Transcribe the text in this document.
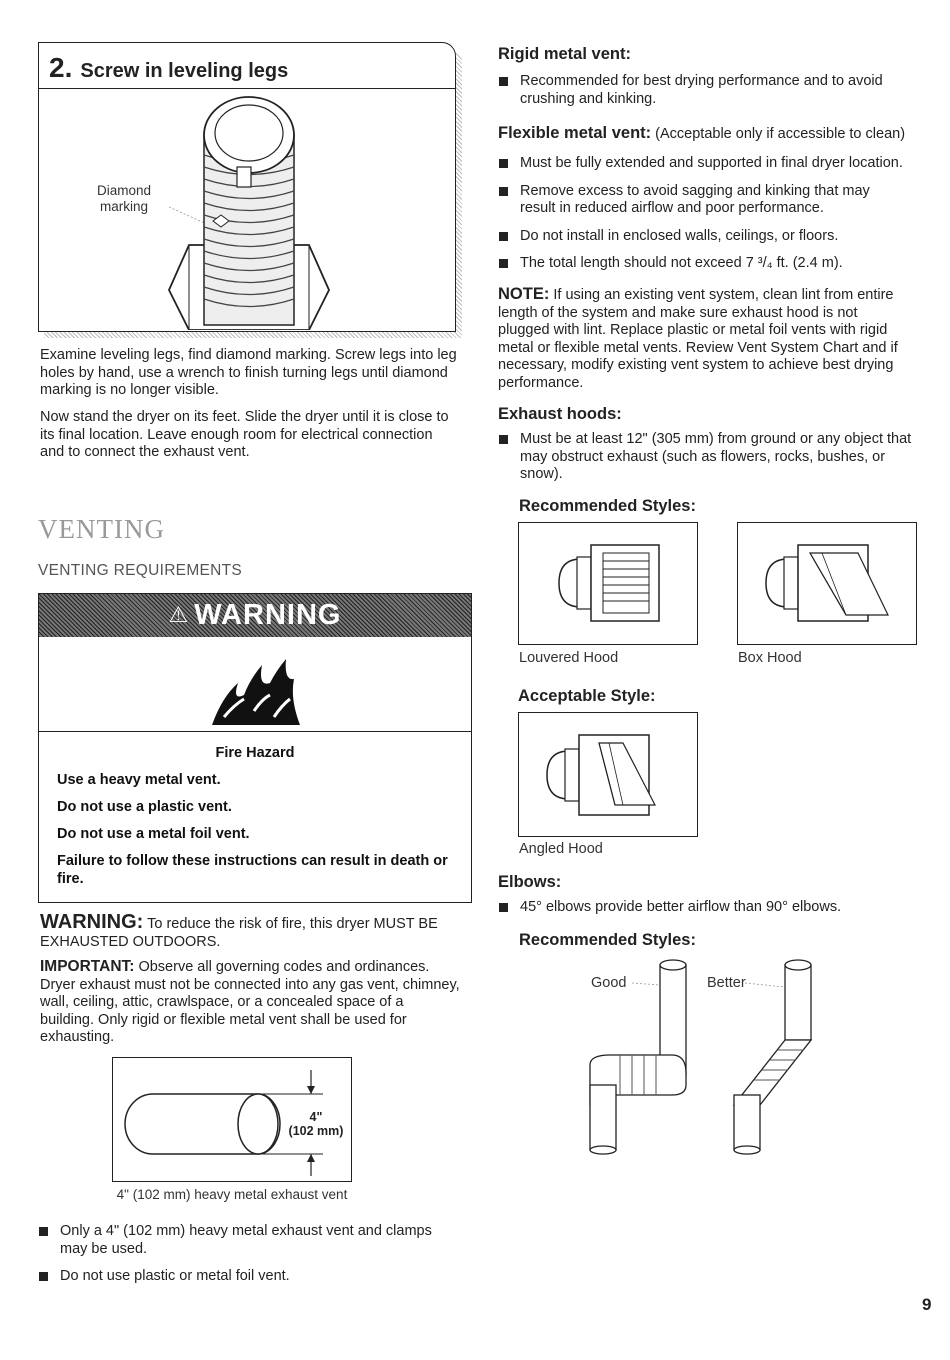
2. Screw in leveling legs
Diamond
marking
Examine leveling legs, find diamond marking. Screw legs into leg holes by hand, use a wrench to finish turning legs until diamond marking is no longer visible.
Now stand the dryer on its feet. Slide the dryer until it is close to its final location. Leave enough room for electrical connection and to connect the exhaust vent.
VENTING
VENTING REQUIREMENTS
⚠ WARNING
Fire Hazard
Use a heavy metal vent.
Do not use a plastic vent.
Do not use a metal foil vent.
Failure to follow these instructions can result in death or fire.
WARNING: To reduce the risk of fire, this dryer MUST BE EXHAUSTED OUTDOORS.
IMPORTANT: Observe all governing codes and ordinances. Dryer exhaust must not be connected into any gas vent, chimney, wall, ceiling, attic, crawlspace, or a concealed space of a building. Only rigid or flexible metal vent shall be used for exhausting.
4"
(102 mm)
4" (102 mm) heavy metal exhaust vent
Only a 4" (102 mm) heavy metal exhaust vent and clamps may be used.
Do not use plastic or metal foil vent.
Rigid metal vent:
Recommended for best drying performance and to avoid crushing and kinking.
Flexible metal vent: (Acceptable only if accessible to clean)
Must be fully extended and supported in final dryer location.
Remove excess to avoid sagging and kinking that may result in reduced airflow and poor performance.
Do not install in enclosed walls, ceilings, or floors.
The total length should not exceed 7 ³/₄ ft. (2.4 m).
NOTE: If using an existing vent system, clean lint from entire length of the system and make sure exhaust hood is not plugged with lint. Replace plastic or metal foil vents with rigid metal or flexible metal vents. Review Vent System Chart and if necessary, modify existing vent system to achieve best drying performance.
Exhaust hoods:
Must be at least 12" (305 mm) from ground or any object that may obstruct exhaust (such as flowers, rocks, bushes, or snow).
Recommended Styles:
Louvered Hood	Box Hood
Acceptable Style:
Angled Hood
Elbows:
45° elbows provide better airflow than 90° elbows.
Recommended Styles:
Good	Better
9
